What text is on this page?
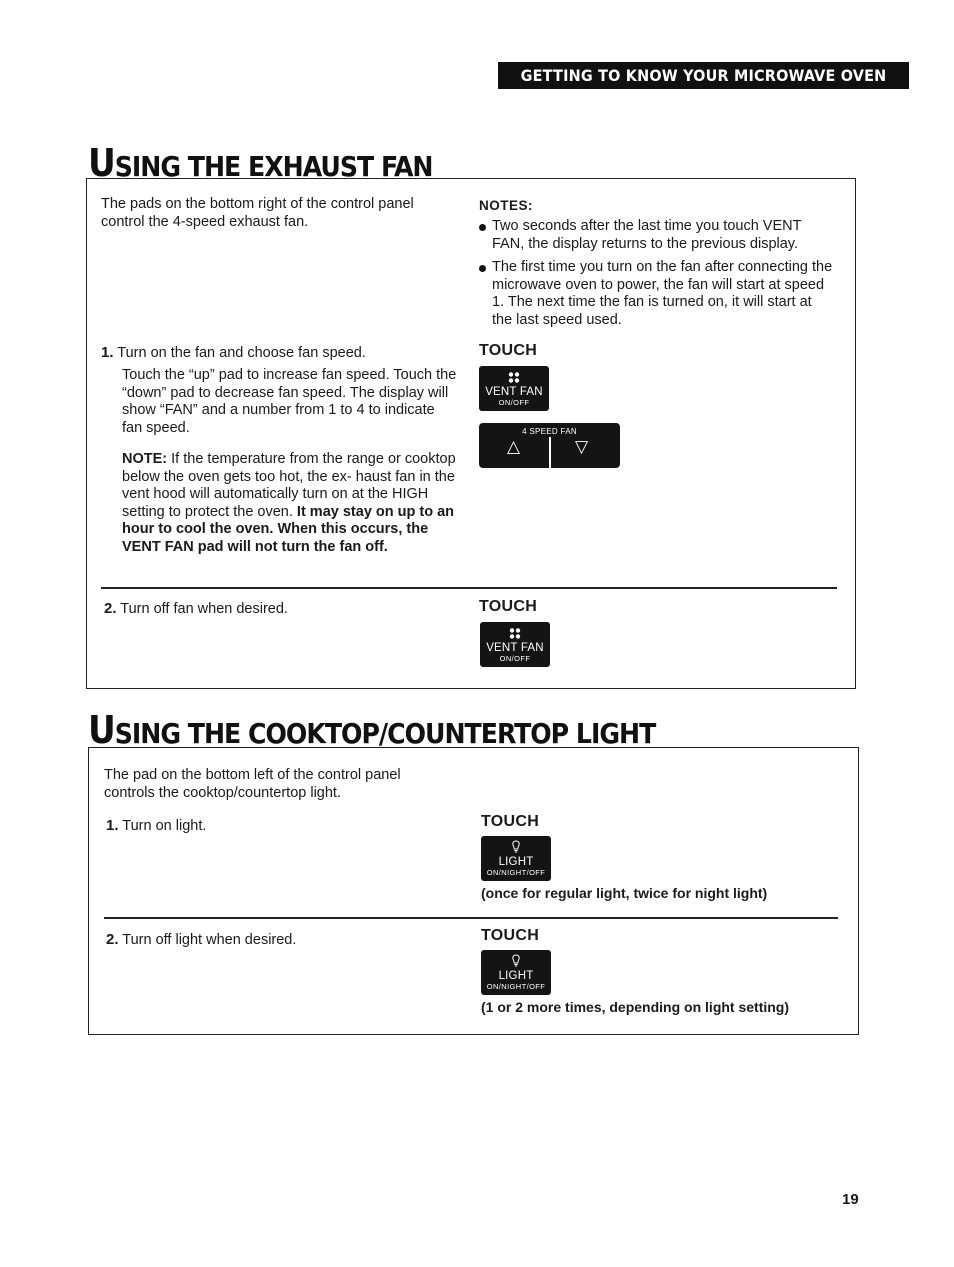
GETTING TO KNOW YOUR MICROWAVE OVEN
USING THE EXHAUST FAN
The pads on the bottom right of the control panel control the 4-speed exhaust fan.
NOTES:
Two seconds after the last time you touch VENT FAN, the display returns to the previous display.
The first time you turn on the fan after connecting the microwave oven to power, the fan will start at speed 1. The next time the fan is turned on, it will start at the last speed used.
1. Turn on the fan and choose fan speed.
Touch the “up” pad to increase fan speed. Touch the “down” pad to decrease fan speed. The display will show “FAN” and a number from 1 to 4 to indicate fan speed.
NOTE: If the temperature from the range or cooktop below the oven gets too hot, the ex- haust fan in the vent hood will automatically turn on at the HIGH setting to protect the oven. It may stay on up to an hour to cool the oven. When this occurs, the VENT FAN pad will not turn the fan off.
TOUCH
VENT FAN
ON/OFF
4 SPEED FAN
△	▽
2. Turn off fan when desired.	TOUCH
VENT FAN
ON/OFF
USING THE COOKTOP/COUNTERTOP LIGHT
The pad on the bottom left of the control panel controls the cooktop/countertop light.
1. Turn on light.	TOUCH
LIGHT
ON/NIGHT/OFF
(once for regular light, twice for night light)
2. Turn off light when desired.	TOUCH
LIGHT
ON/NIGHT/OFF
(1 or 2 more times, depending on light setting)
19
